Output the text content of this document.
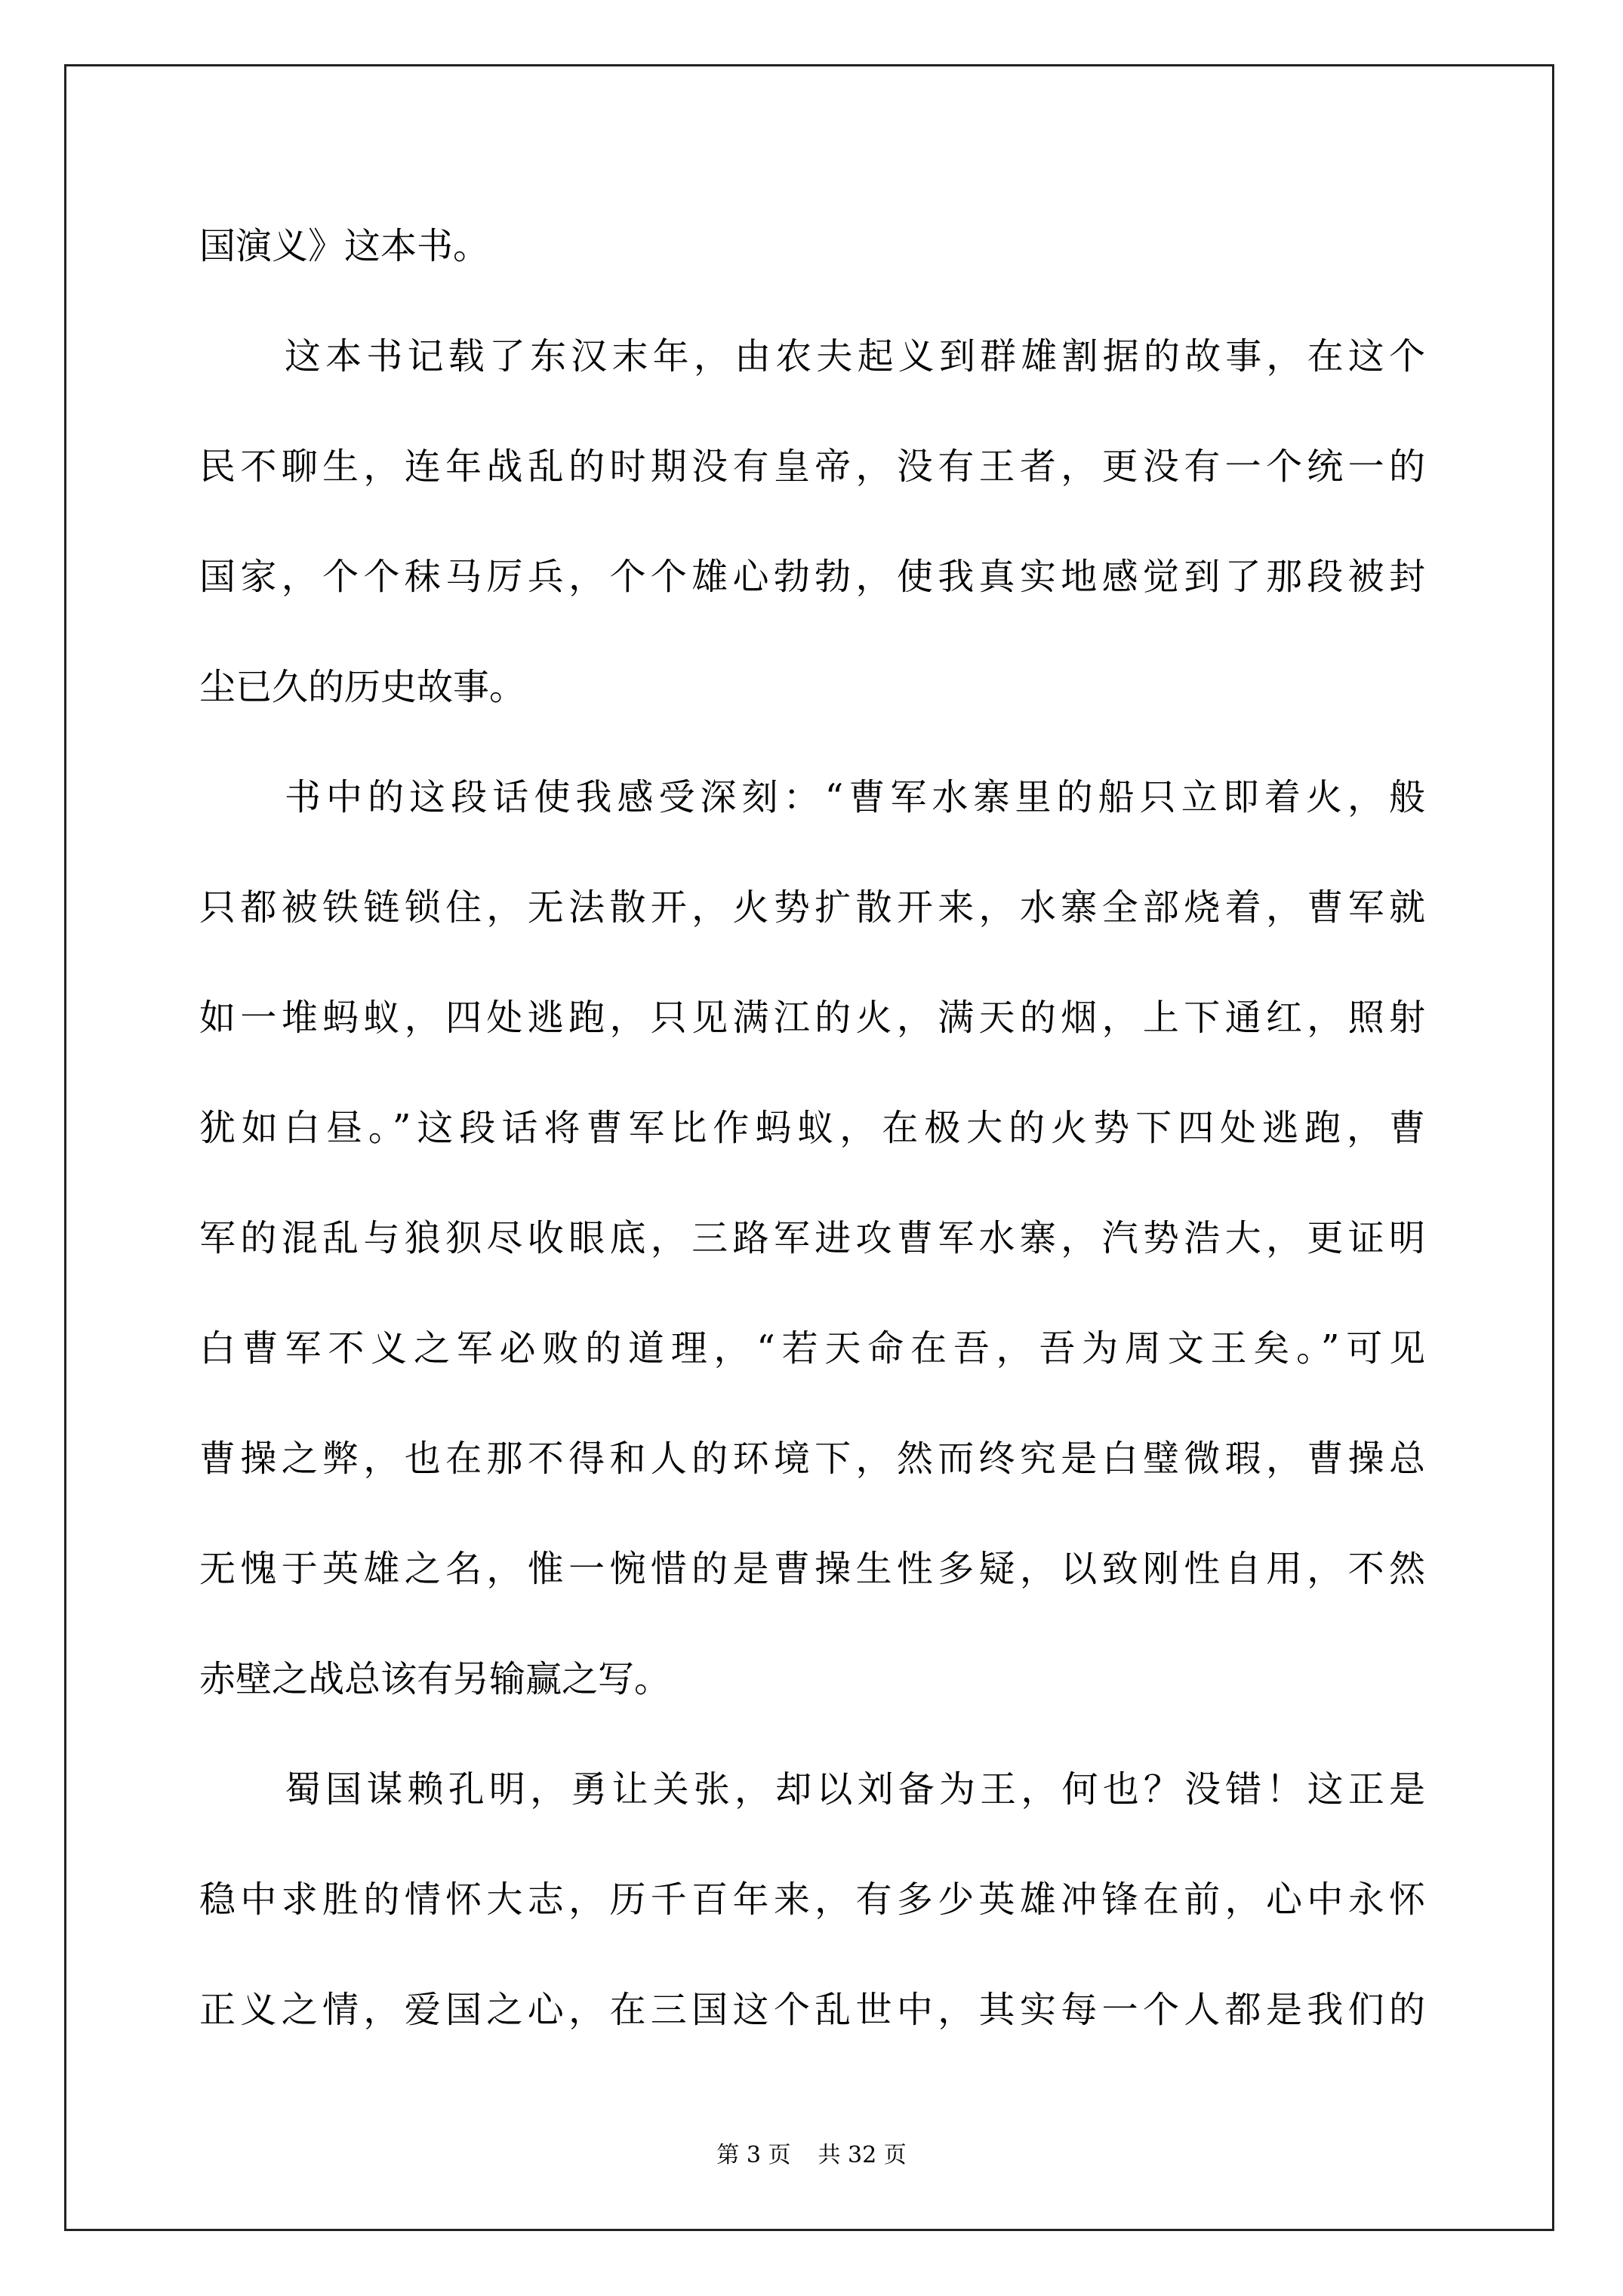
国演义》这本书。
这本书记载了东汉末年，由农夫起义到群雄割据的故事，在这个
民不聊生，连年战乱的时期没有皇帝，没有王者，更没有一个统一的
国家，个个秣马厉兵，个个雄心勃勃，使我真实地感觉到了那段被封
尘已久的历史故事。
书中的这段话使我感受深刻：“曹军水寨里的船只立即着火，般
只都被铁链锁住，无法散开，火势扩散开来，水寨全部烧着，曹军就
如一堆蚂蚁，四处逃跑，只见满江的火，满天的烟，上下通红，照射
犹如白昼。”这段话将曹军比作蚂蚁，在极大的火势下四处逃跑，曹
军的混乱与狼狈尽收眼底，三路军进攻曹军水寨，汽势浩大，更证明
白曹军不义之军必败的道理，“若天命在吾，吾为周文王矣。”可见
曹操之弊，也在那不得和人的环境下，然而终究是白璧微瑕，曹操总
无愧于英雄之名，惟一惋惜的是曹操生性多疑，以致刚性自用，不然
赤壁之战总该有另输赢之写。
蜀国谋赖孔明，勇让关张，却以刘备为王，何也？没错！这正是
稳中求胜的情怀大志，历千百年来，有多少英雄冲锋在前，心中永怀
正义之情，爱国之心，在三国这个乱世中，其实每一个人都是我们的
第 3 页 共 32 页
